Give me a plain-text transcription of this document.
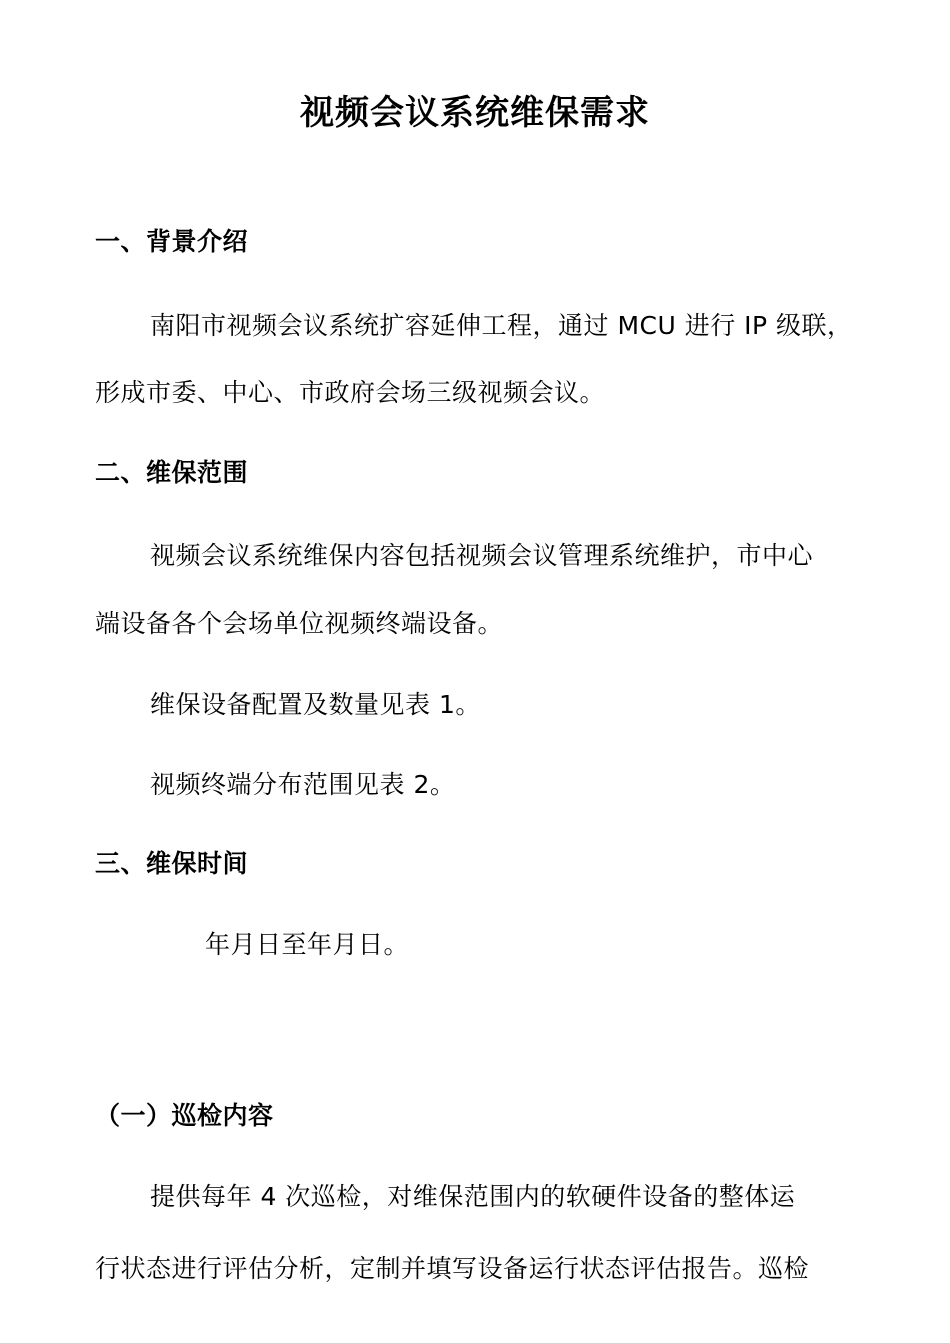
视频会议系统维保需求
一、背景介绍
南阳市视频会议系统扩容延伸工程，通过 MCU 进行 IP 级联，
形成市委、中心、市政府会场三级视频会议。
二、维保范围
视频会议系统维保内容包括视频会议管理系统维护，市中心
端设备各个会场单位视频终端设备。
维保设备配置及数量见表 1。
视频终端分布范围见表 2。
三、维保时间
年月日至年月日。
（一）巡检内容
提供每年 4 次巡检，对维保范围内的软硬件设备的整体运
行状态进行评估分析，定制并填写设备运行状态评估报告。巡检
